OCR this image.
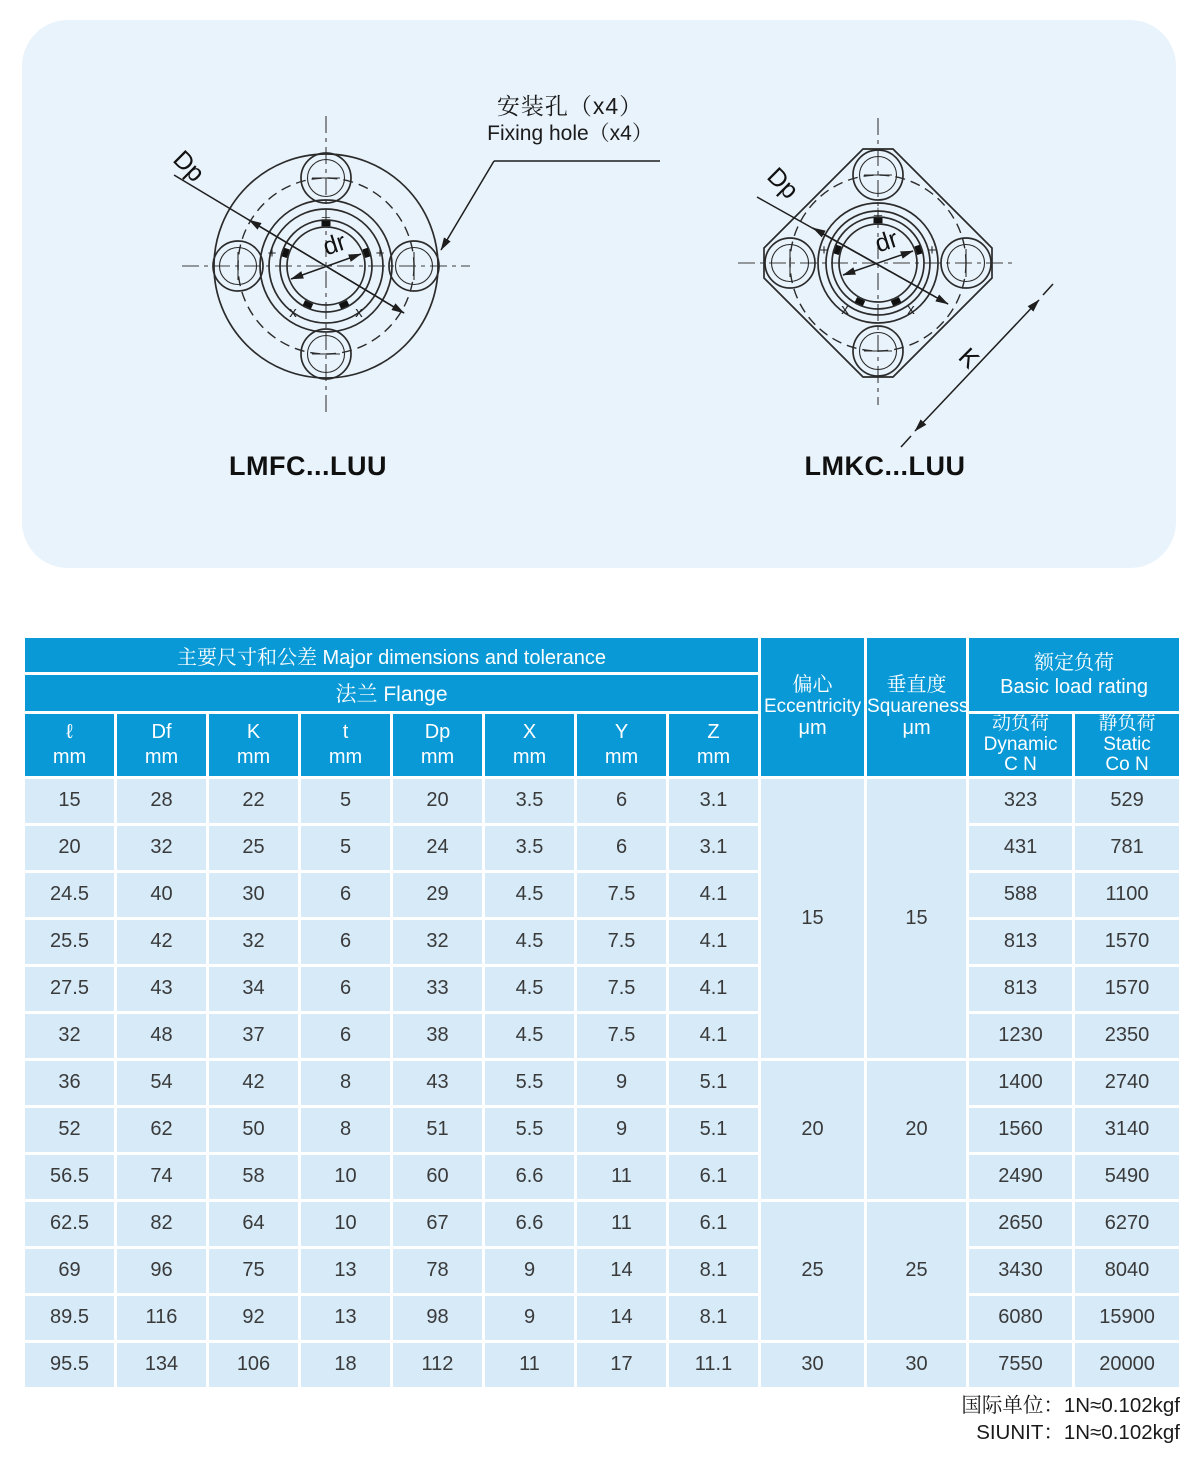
+	+
x	x
⊥
Dp
dr	+	+
x	x
⊥
Dp
dr
K
安装孔（x4）
Fixing hole（x4）
LMFC...LUU	LMKC...LUU
主要尺寸和公差 Major dimensions and tolerance								偏心
Eccentricity
μm	垂直度
Squareness
μm	额定负荷
Basic load rating	
法兰 Flange											
ℓ
mm	Df
mm	K
mm	t
mm	Dp
mm	X
mm	Y
mm	Z
mm			动负荷
Dynamic
C N	静负荷
Static
Co N
15	28	22	5	20	3.5	6	3.1	15	15	323	529
20	32	25	5	24	3.5	6	3.1			431	781
24.5	40	30	6	29	4.5	7.5	4.1			588	1100
25.5	42	32	6	32	4.5	7.5	4.1			813	1570
27.5	43	34	6	33	4.5	7.5	4.1			813	1570
32	48	37	6	38	4.5	7.5	4.1			1230	2350
36	54	42	8	43	5.5	9	5.1	20	20	1400	2740
52	62	50	8	51	5.5	9	5.1			1560	3140
56.5	74	58	10	60	6.6	11	6.1			2490	5490
62.5	82	64	10	67	6.6	11	6.1	25	25	2650	6270
69	96	75	13	78	9	14	8.1			3430	8040
89.5	116	92	13	98	9	14	8.1			6080	15900
95.5	134	106	18	112	11	17	11.1	30	30	7550	20000
国际单位：1N≈0.102kgf
SIUNIT：1N≈0.102kgf
